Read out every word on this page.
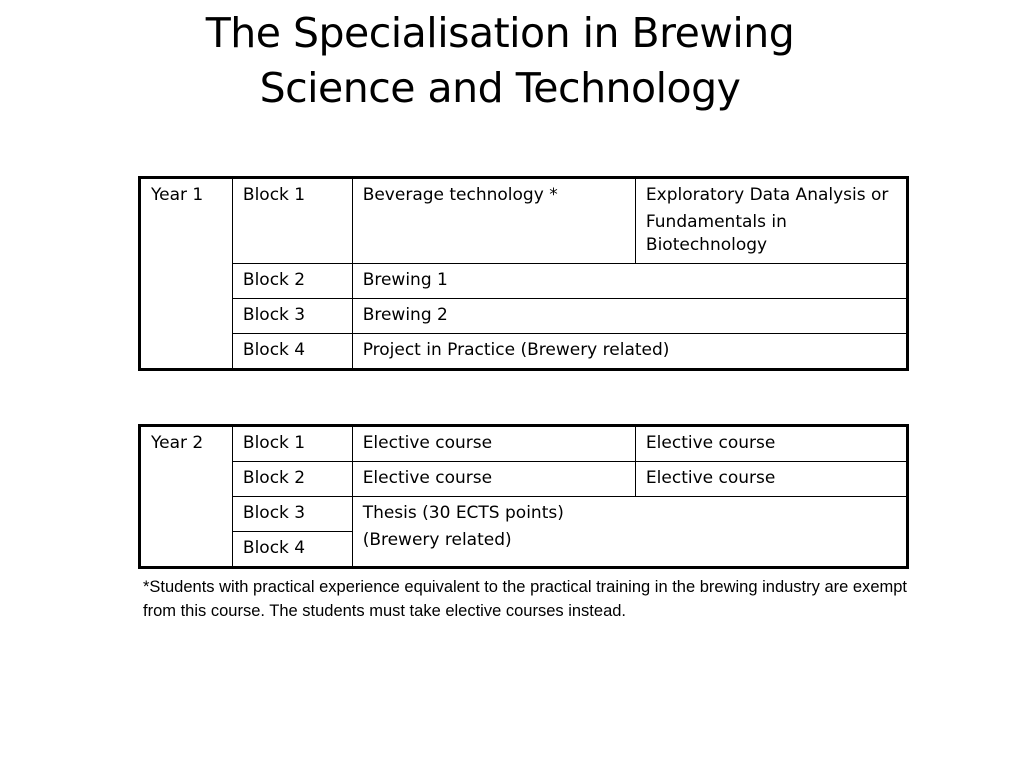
The Specialisation in Brewing
Science and Technology
Year 1	Block 1	Beverage technology *	Exploratory Data Analysis or

Fundamentals in Biotechnology

	Block 2	Brewing 1	
	Block 3	Brewing 2	
	Block 4	Project in Practice (Brewery related)	
Year 2	Block 1	Elective course	Elective course
	Block 2	Elective course	Elective course
	Block 3	Thesis (30 ECTS points)

(Brewery related)	

	Block 4		

*Students with practical experience equivalent to the practical training in the brewing industry are exempt from this course. The students must take elective courses instead.
